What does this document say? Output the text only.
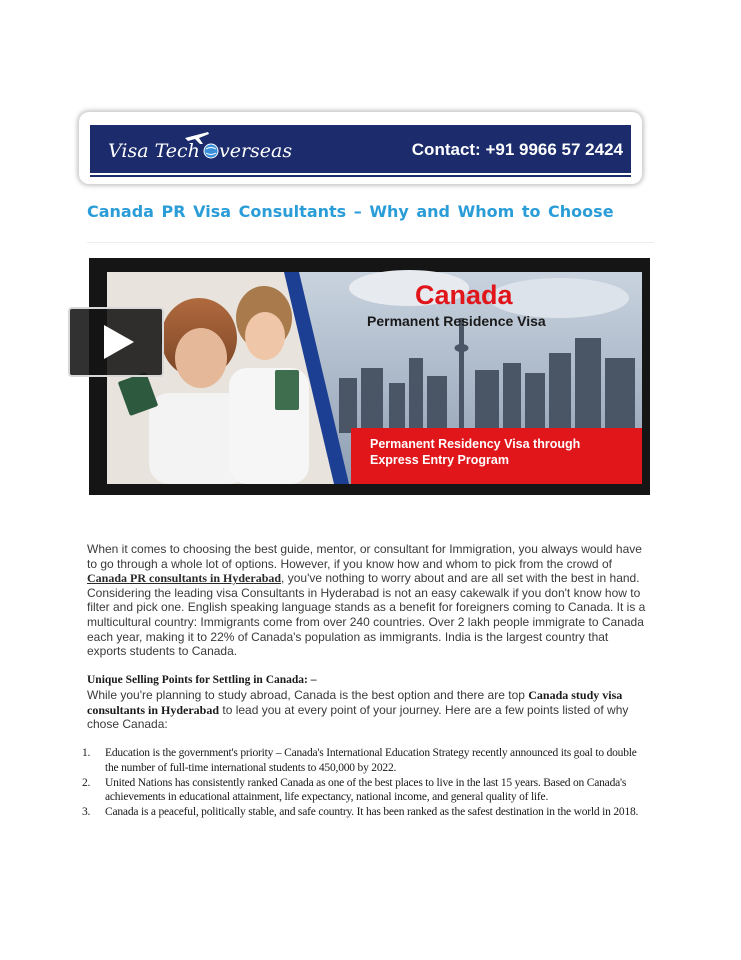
Visa Tech verseas	Contact: +91 9966 57 2424
Canada PR Visa Consultants – Why and Whom to Choose
Canada
Permanent Residence Visa
Permanent Residency Visa through Express Entry Program
When it comes to choosing the best guide, mentor, or consultant for Immigration, you always would have to go through a whole lot of options. However, if you know how and whom to pick from the crowd of Canada PR consultants in Hyderabad, you've nothing to worry about and are all set with the best in hand. Considering the leading visa Consultants in Hyderabad is not an easy cakewalk if you don't know how to filter and pick one. English speaking language stands as a benefit for foreigners coming to Canada. It is a multicultural country: Immigrants come from over 240 countries. Over 2 lakh people immigrate to Canada each year, making it to 22% of Canada's population as immigrants. India is the largest country that exports students to Canada.
Unique Selling Points for Settling in Canada: –
While you're planning to study abroad, Canada is the best option and there are top Canada study visa consultants in Hyderabad to lead you at every point of your journey. Here are a few points listed of why chose Canada:
1. Education is the government's priority – Canada's International Education Strategy recently announced its goal to double the number of full-time international students to 450,000 by 2022.
2. United Nations has consistently ranked Canada as one of the best places to live in the last 15 years. Based on Canada's achievements in educational attainment, life expectancy, national income, and general quality of life.
3. Canada is a peaceful, politically stable, and safe country. It has been ranked as the safest destination in the world in 2018.
